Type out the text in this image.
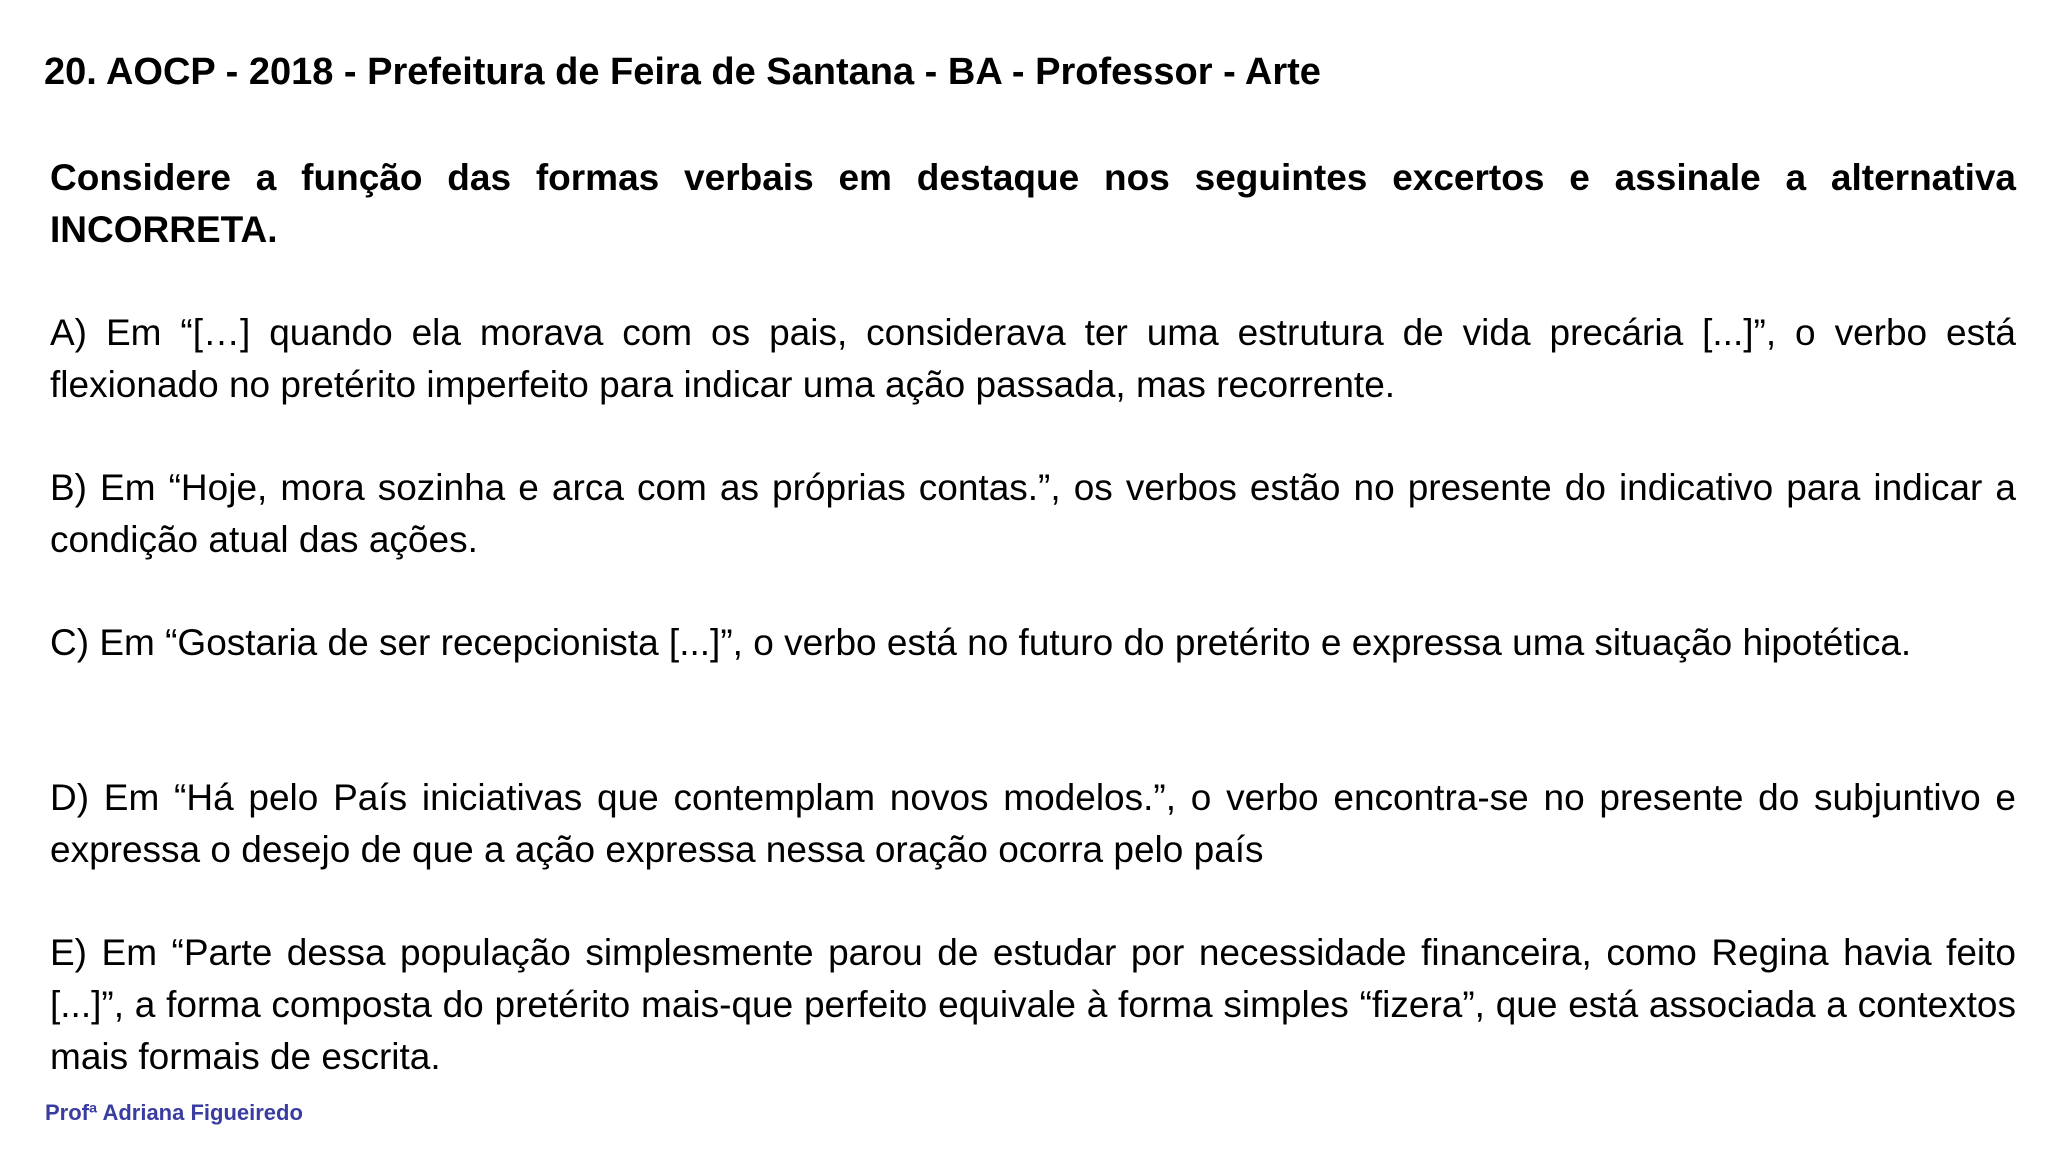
20. AOCP - 2018 - Prefeitura de Feira de Santana - BA - Professor - Arte

Considere a função das formas verbais em destaque nos seguintes excertos e assinale a alternativa INCORRETA.

A) Em “[…] quando ela morava com os pais, considerava ter uma estrutura de vida precária [...]”, o verbo está flexionado no pretérito imperfeito para indicar uma ação passada, mas recorrente.

B) Em “Hoje, mora sozinha e arca com as próprias contas.”, os verbos estão no presente do indicativo para indicar a condição atual das ações.

C) Em “Gostaria de ser recepcionista [...]”, o verbo está no futuro do pretérito e expressa uma situação hipotética.

D) Em “Há pelo País iniciativas que contemplam novos modelos.”, o verbo encontra-se no presente do subjuntivo e expressa o desejo de que a ação expressa nessa oração ocorra pelo país

E) Em “Parte dessa população simplesmente parou de estudar por necessidade financeira, como Regina havia feito [...]”, a forma composta do pretérito mais-que perfeito equivale à forma simples “fizera”, que está associada a contextos mais formais de escrita.

Profª Adriana Figueiredo
